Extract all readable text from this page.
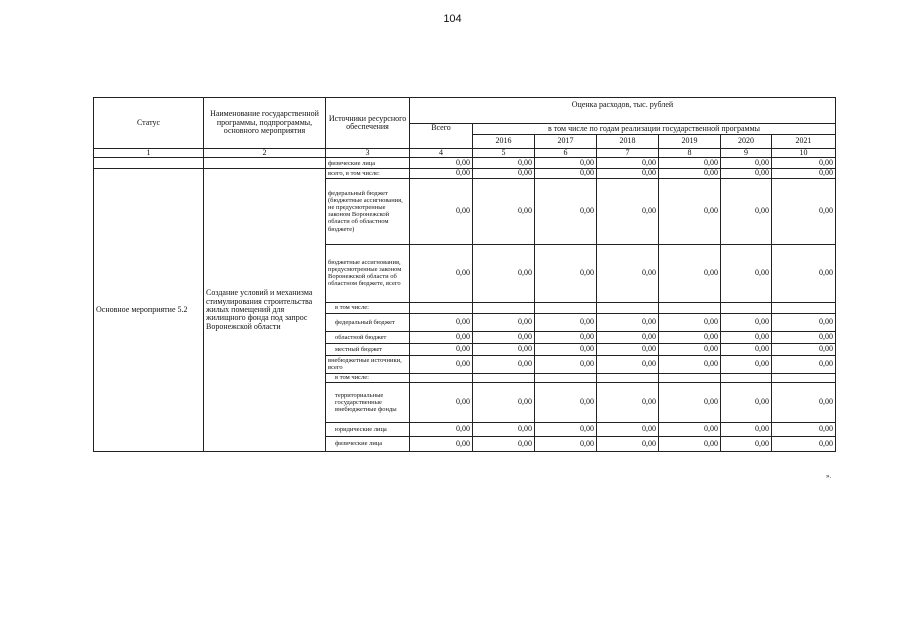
104
Статус	Наименование государственной программы, подпрограммы, основного мероприятия	Источники ресурсного обеспечения	Оценка расходов, тыс. рублей						
			Всего	в том числе по годам реализации государственной программы					
				2016	2017	2018	2019	2020	2021
1	2	3	4	5	6	7	8	9	10
		физические лица	0,00	0,00	0,00	0,00	0,00	0,00	0,00
Основное мероприятие 5.2	Создание условий и механизма стимулирования строительства жилых помещений для жилищного фонда под запрос Воронежской области	всего, в том числе:	0,00	0,00	0,00	0,00	0,00	0,00	0,00
		федеральный бюджет (бюджетные ассигнования, не предусмотренные законом Воронежской области об областном бюджете)	0,00	0,00	0,00	0,00	0,00	0,00	0,00
		бюджетные ассигнования, предусмотренные законом Воронежской области об областном бюджете, всего	0,00	0,00	0,00	0,00	0,00	0,00	0,00
		в том числе:							
		федеральный бюджет	0,00	0,00	0,00	0,00	0,00	0,00	0,00
		областной бюджет	0,00	0,00	0,00	0,00	0,00	0,00	0,00
		местный бюджет	0,00	0,00	0,00	0,00	0,00	0,00	0,00
		внебюджетные источники, всего	0,00	0,00	0,00	0,00	0,00	0,00	0,00
		в том числе:							
		территориальные государственные внебюджетные фонды	0,00	0,00	0,00	0,00	0,00	0,00	0,00
		юридические лица	0,00	0,00	0,00	0,00	0,00	0,00	0,00
		физические лица	0,00	0,00	0,00	0,00	0,00	0,00	0,00
».
